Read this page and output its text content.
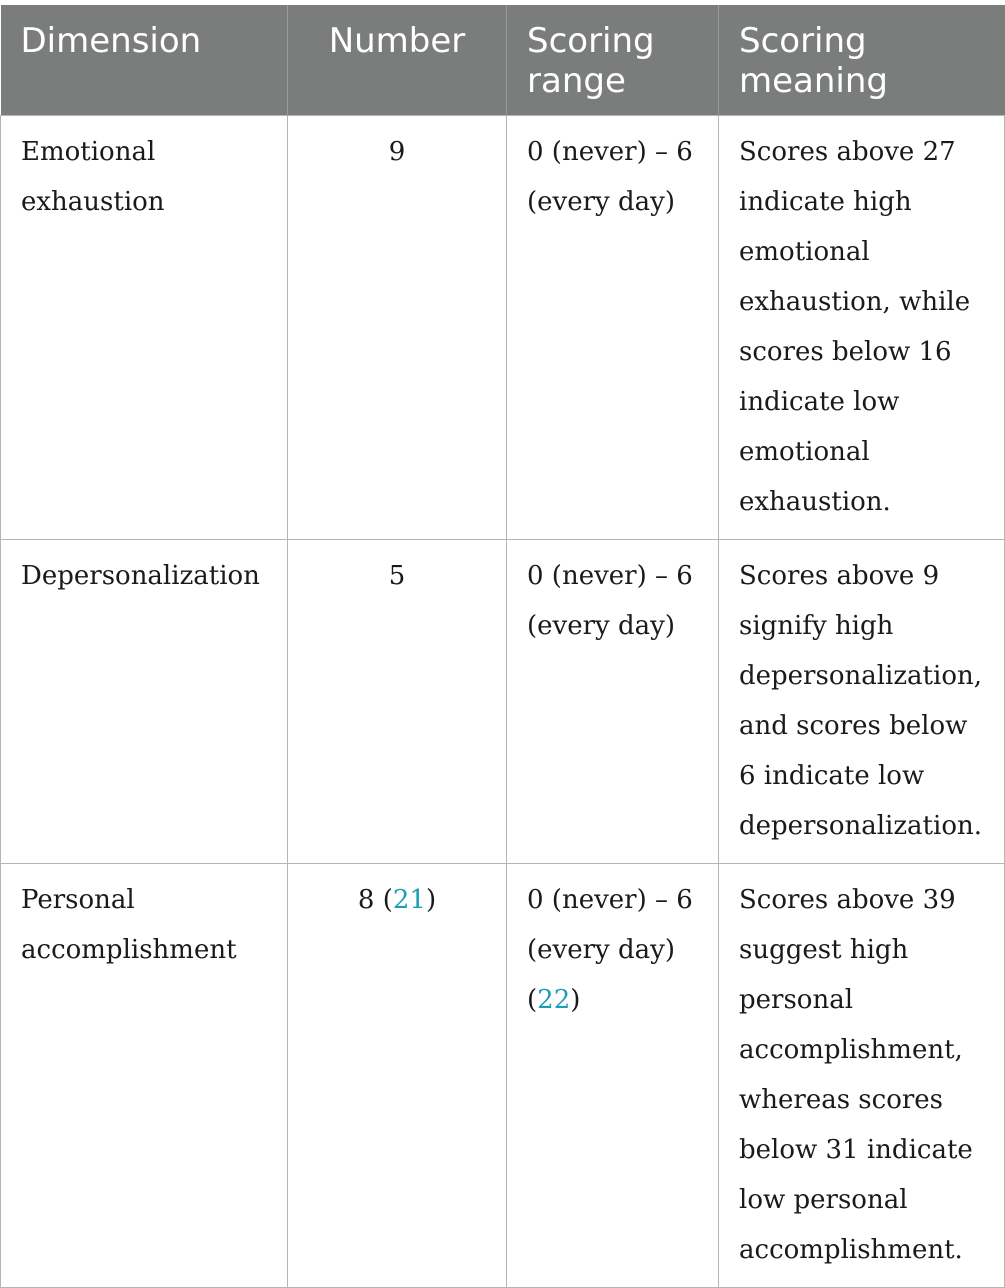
Dimension	Number	Scoring range	Scoring meaning
Emotional exhaustion	9	0 (never) – 6 (every day)	Scores above 27 indicate high emotional exhaustion, while scores below 16 indicate low emotional exhaustion.
Depersonalization	5	0 (never) – 6 (every day)	Scores above 9 signify high depersonalization, and scores below 6 indicate low depersonalization.
Personal accomplishment	8 (21)	0 (never) – 6 (every day) (22)	Scores above 39 suggest high personal accomplishment, whereas scores below 31 indicate low personal accomplishment.
